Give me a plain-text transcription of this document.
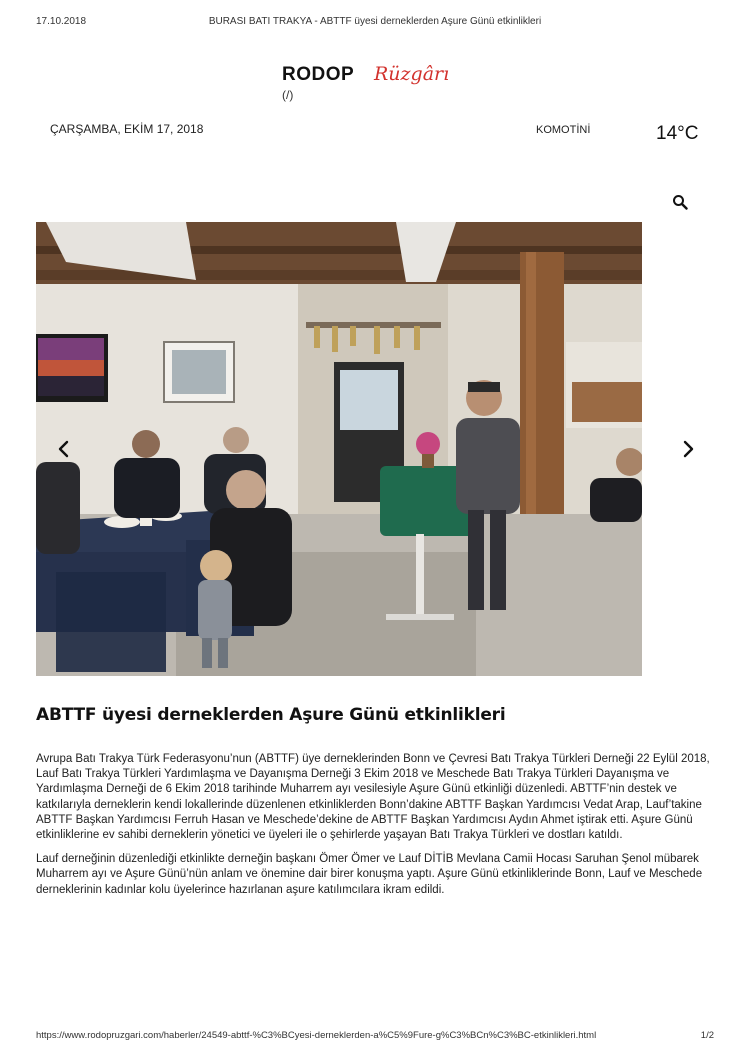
17.10.2018	BURASI BATI TRAKYA - ABTTF üyesi derneklerden Aşure Günü etkinlikleri
RODOP Rüzgârı
(/)
ÇARŞAMBA, EKİM 17, 2018	KOMOTİNİ	14°C
ABTTF üyesi derneklerden Aşure Günü etkinlikleri

Avrupa Batı Trakya Türk Federasyonu’nun (ABTTF) üye derneklerinden Bonn ve Çevresi Batı Trakya Türkleri Derneği 22 Eylül 2018, Lauf Batı Trakya Türkleri Yardımlaşma ve Dayanışma Derneği 3 Ekim 2018 ve Meschede Batı Trakya Türkleri Dayanışma ve Yardımlaşma Derneği de 6 Ekim 2018 tarihinde Muharrem ayı vesilesiyle Aşure Günü etkinliği düzenledi. ABTTF’nin destek ve katkılarıyla derneklerin kendi lokallerinde düzenlenen etkinliklerden Bonn’dakine ABTTF Başkan Yardımcısı Vedat Arap, Lauf’takine ABTTF Başkan Yardımcısı Ferruh Hasan ve Meschede’dekine de ABTTF Başkan Yardımcısı Aydın Ahmet iştirak etti. Aşure Günü etkinliklerine ev sahibi derneklerin yönetici ve üyeleri ile o şehirlerde yaşayan Batı Trakya Türkleri ve dostları katıldı.

Lauf derneğinin düzenlediği etkinlikte derneğin başkanı Ömer Ömer ve Lauf DİTİB Mevlana Camii Hocası Saruhan Şenol mübarek Muharrem ayı ve Aşure Günü’nün anlam ve önemine dair birer konuşma yaptı. Aşure Günü etkinliklerinde Bonn, Lauf ve Meschede derneklerinin kadınlar kolu üyelerince hazırlanan aşure katılımcılara ikram edildi.

https://www.rodopruzgari.com/haberler/24549-abttf-%C3%BCyesi-derneklerden-a%C5%9Fure-g%C3%BCn%C3%BC-etkinlikleri.html	1/2
